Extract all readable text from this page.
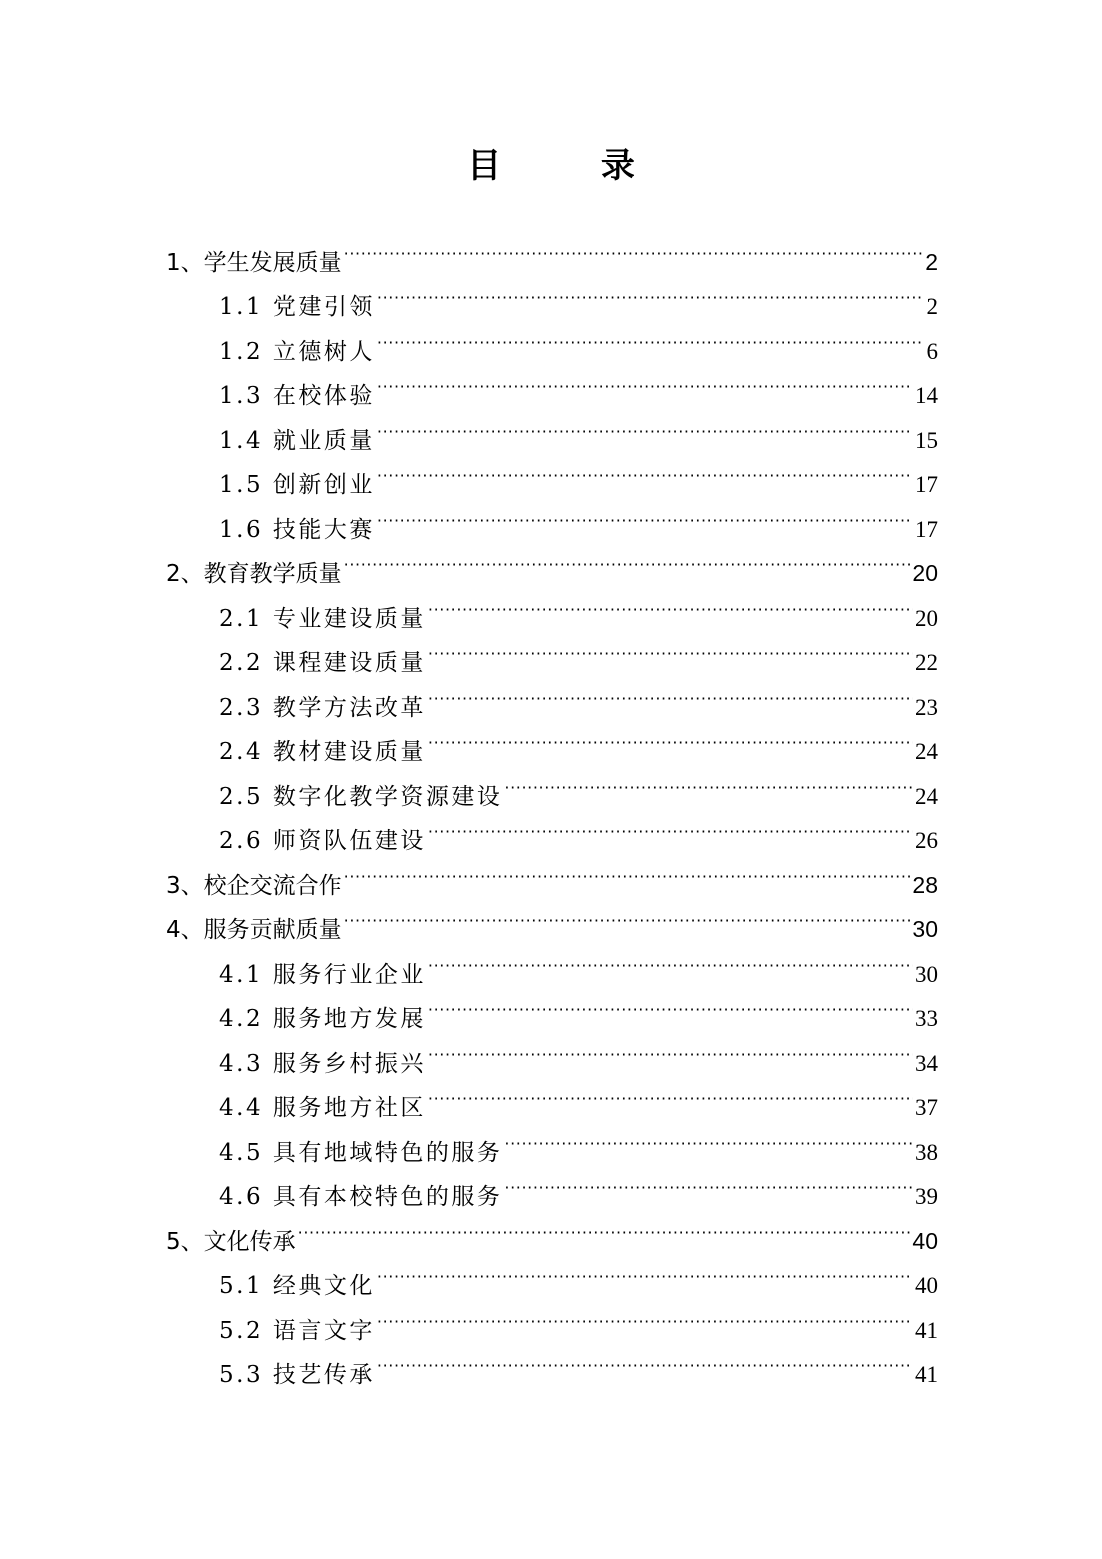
目 录
1、学生发展质量 ·····	2
1.1 党建引领 ·····	2
1.2 立德树人 ·····	6
1.3 在校体验 ·····	14
1.4 就业质量 ·····	15
1.5 创新创业 ·····	17
1.6 技能大赛 ·····	17
2、教育教学质量 ·····	20
2.1 专业建设质量 ·····	20
2.2 课程建设质量 ·····	22
2.3 教学方法改革 ·····	23
2.4 教材建设质量 ·····	24
2.5 数字化教学资源建设 ·····	24
2.6 师资队伍建设 ·····	26
3、校企交流合作 ·····	28
4、服务贡献质量 ·····	30
4.1 服务行业企业 ·····	30
4.2 服务地方发展 ·····	33
4.3 服务乡村振兴 ·····	34
4.4 服务地方社区 ·····	37
4.5 具有地域特色的服务 ·····	38
4.6 具有本校特色的服务 ·····	39
5、文化传承 ·····	40
5.1 经典文化 ·····	40
5.2 语言文字 ·····	41
5.3 技艺传承 ·····	41
